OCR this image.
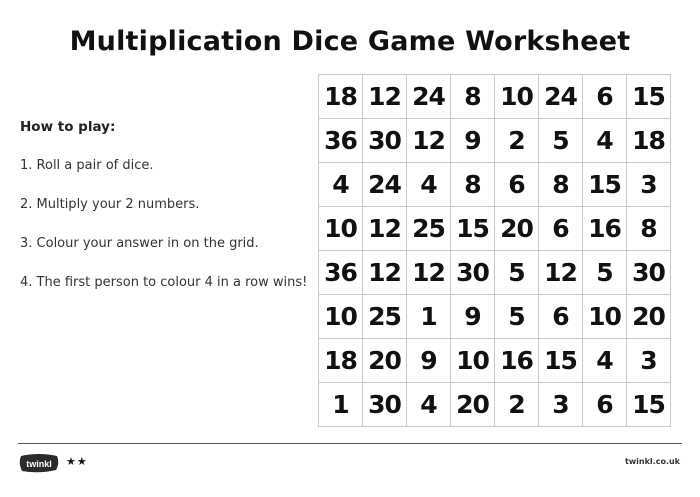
Multiplication Dice Game Worksheet
How to play:
1. Roll a pair of dice.
2. Multiply your 2 numbers.
3. Colour your answer in on the grid.
4. The first person to colour 4 in a row wins!
18	12	24	8	10	24	6	15
36	30	12	9	2	5	4	18
4	24	4	8	6	8	15	3
10	12	25	15	20	6	16	8
36	12	12	30	5	12	5	30
10	25	1	9	5	6	10	20
18	20	9	10	16	15	4	3
1	30	4	20	2	3	6	15
twinkl ★★	twinkl.co.uk
